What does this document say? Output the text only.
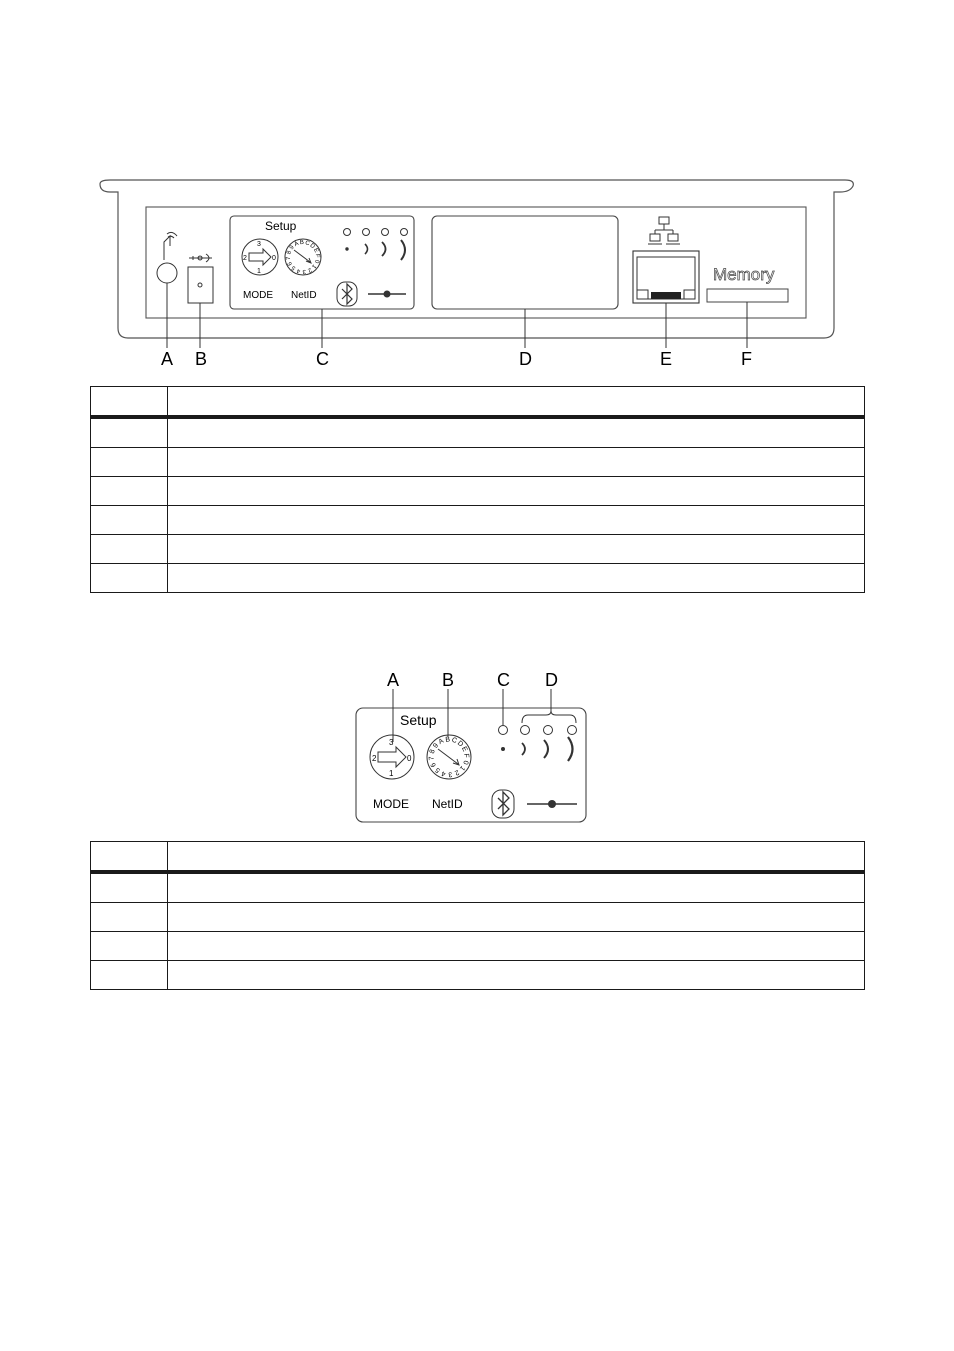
Setup
3
2	0
1
0
1
2
3
4
5
6
7
8
9
A B C
D
E
F
MODE NetID
Memory
A B	C	D	E	F

Setup
3
2	0
1
0
1
2
3
4
5
6
7
8
9
A B C
D
E
F
MODE NetID
A B C D
